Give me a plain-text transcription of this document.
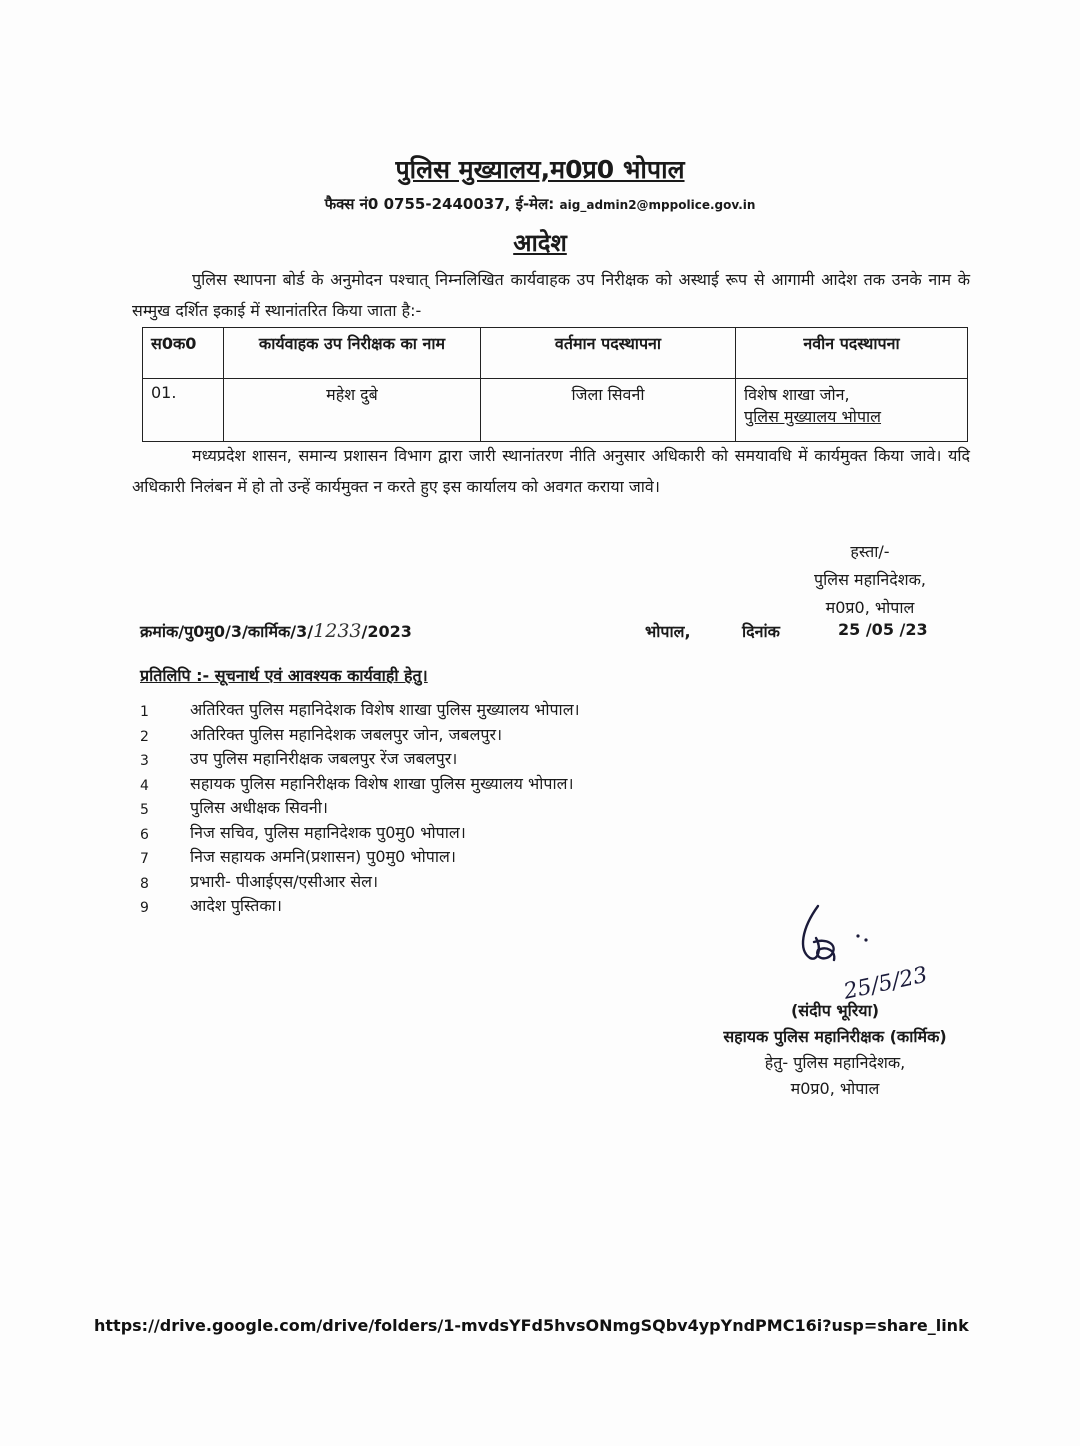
पुलिस मुख्यालय,म0प्र0 भोपाल
फैक्स नं0 0755-2440037, ई-मेल: aig_admin2@mppolice.gov.in
आदेश
पुलिस स्थापना बोर्ड के अनुमोदन पश्चात् निम्नलिखित कार्यवाहक उप निरीक्षक को अस्थाई रूप से आगामी आदेश तक उनके नाम के सम्मुख दर्शित इकाई में स्थानांतरित किया जाता है:-
स0क0	कार्यवाहक उप निरीक्षक का नाम	वर्तमान पदस्थापना	नवीन पदस्थापना
01.	महेश दुबे	जिला सिवनी	विशेष शाखा जोन,
पुलिस मुख्यालय भोपाल
मध्यप्रदेश शासन, समान्य प्रशासन विभाग द्वारा जारी स्थानांतरण नीति अनुसार अधिकारी को समयावधि में कार्यमुक्त किया जावे। यदि अधिकारी निलंबन में हो तो उन्हें कार्यमुक्त न करते हुए इस कार्यालय को अवगत कराया जावे।
हस्ता/-
पुलिस महानिदेशक,
म0प्र0, भोपाल
क्रमांक/पु0मु0/3/कार्मिक/3/1233/2023	भोपाल,	दिनांक	25 /05 /23
प्रतिलिपि :- सूचनार्थ एवं आवश्यक कार्यवाही हेतु।
1	अतिरिक्त पुलिस महानिदेशक विशेष शाखा पुलिस मुख्यालय भोपाल।
2	अतिरिक्त पुलिस महानिदेशक जबलपुर जोन, जबलपुर।
3	उप पुलिस महानिरीक्षक जबलपुर रेंज जबलपुर।
4	सहायक पुलिस महानिरीक्षक विशेष शाखा पुलिस मुख्यालय भोपाल।
5	पुलिस अधीक्षक सिवनी।
6	निज सचिव, पुलिस महानिदेशक पु0मु0 भोपाल।
7	निज सहायक अमनि(प्रशासन) पु0मु0 भोपाल।
8	प्रभारी- पीआईएस/एसीआर सेल।
9	आदेश पुस्तिका।
25/5/23
(संदीप भूरिया)
सहायक पुलिस महानिरीक्षक (कार्मिक)
हेतु- पुलिस महानिदेशक,
म0प्र0, भोपाल
https://drive.google.com/drive/folders/1-mvdsYFd5hvsONmgSQbv4ypYndPMC16i?usp=share_link
